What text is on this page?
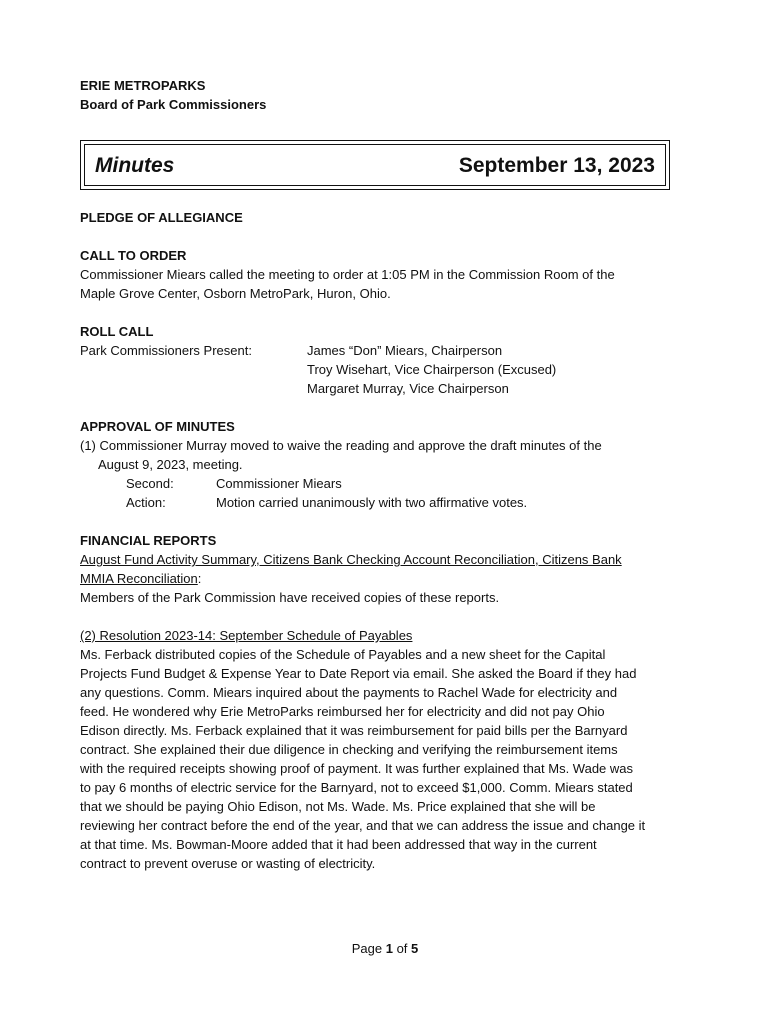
ERIE METROPARKS
Board of Park Commissioners
Minutes	September 13, 2023
PLEDGE OF ALLEGIANCE
CALL TO ORDER
Commissioner Miears called the meeting to order at 1:05 PM in the Commission Room of the
Maple Grove Center, Osborn MetroPark, Huron, Ohio.
ROLL CALL
Park Commissioners Present:	James “Don” Miears, Chairperson
Troy Wisehart, Vice Chairperson (Excused)
Margaret Murray, Vice Chairperson
APPROVAL OF MINUTES
(1) Commissioner Murray moved to waive the reading and approve the draft minutes of the
August 9, 2023, meeting.
Second:	Commissioner Miears
Action:	Motion carried unanimously with two affirmative votes.
FINANCIAL REPORTS
August Fund Activity Summary, Citizens Bank Checking Account Reconciliation, Citizens Bank
MMIA Reconciliation:
Members of the Park Commission have received copies of these reports.
(2) Resolution 2023-14: September Schedule of Payables
Ms. Ferback distributed copies of the Schedule of Payables and a new sheet for the Capital
Projects Fund Budget & Expense Year to Date Report via email. She asked the Board if they had
any questions. Comm. Miears inquired about the payments to Rachel Wade for electricity and
feed. He wondered why Erie MetroParks reimbursed her for electricity and did not pay Ohio
Edison directly. Ms. Ferback explained that it was reimbursement for paid bills per the Barnyard
contract. She explained their due diligence in checking and verifying the reimbursement items
with the required receipts showing proof of payment. It was further explained that Ms. Wade was
to pay 6 months of electric service for the Barnyard, not to exceed $1,000. Comm. Miears stated
that we should be paying Ohio Edison, not Ms. Wade. Ms. Price explained that she will be
reviewing her contract before the end of the year, and that we can address the issue and change it
at that time. Ms. Bowman-Moore added that it had been addressed that way in the current
contract to prevent overuse or wasting of electricity.
Page 1 of 5
